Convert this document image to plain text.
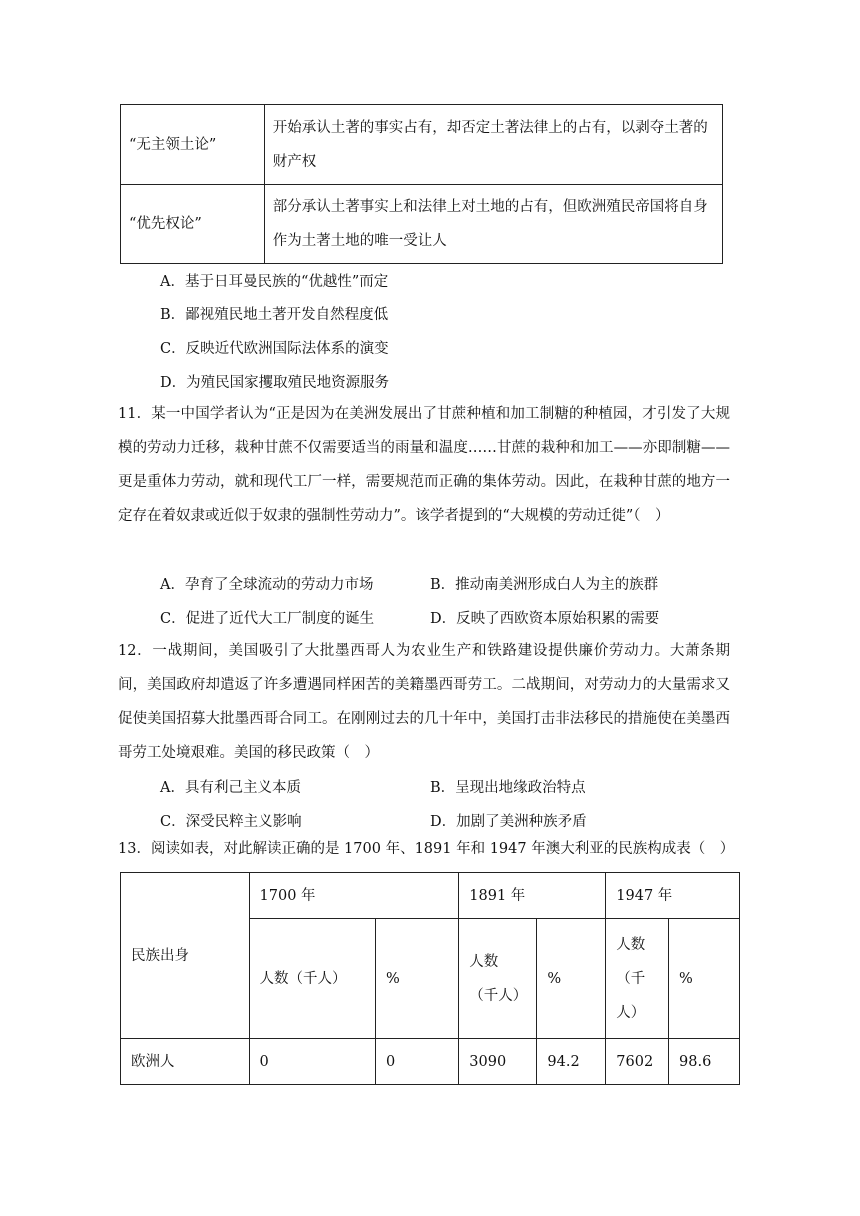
“无主领土论”	开始承认土著的事实占有，却否定土著法律上的占有，以剥夺土著的财产权
“优先权论”	部分承认土著事实上和法律上对土地的占有，但欧洲殖民帝国将自身作为土著土地的唯一受让人
A．基于日耳曼民族的“优越性”而定
B．鄙视殖民地土著开发自然程度低
C．反映近代欧洲国际法体系的演变
D．为殖民国家攫取殖民地资源服务
11．某一中国学者认为“正是因为在美洲发展出了甘蔗种植和加工制糖的种植园，才引发了大规模的劳动力迁移，栽种甘蔗不仅需要适当的雨量和温度……甘蔗的栽种和加工——亦即制糖——更是重体力劳动，就和现代工厂一样，需要规范而正确的集体劳动。因此，在栽种甘蔗的地方一定存在着奴隶或近似于奴隶的强制性劳动力”。该学者提到的“大规模的劳动迁徙”（　）
A．孕育了全球流动的劳动力市场	B．推动南美洲形成白人为主的族群
C．促进了近代大工厂制度的诞生	D．反映了西欧资本原始积累的需要
12．一战期间，美国吸引了大批墨西哥人为农业生产和铁路建设提供廉价劳动力。大萧条期间，美国政府却遣返了许多遭遇同样困苦的美籍墨西哥劳工。二战期间，对劳动力的大量需求又促使美国招募大批墨西哥合同工。在刚刚过去的几十年中，美国打击非法移民的措施使在美墨西哥劳工处境艰难。美国的移民政策（　）
A．具有利己主义本质	B．呈现出地缘政治特点
C．深受民粹主义影响	D．加剧了美洲种族矛盾
13．阅读如表，对此解读正确的是 1700 年、1891 年和 1947 年澳大利亚的民族构成表（　）
民族出身	1700 年		1891 年		1947 年	
	人数（千人）	%	人数（千人）	%	人数（千人）	%
欧洲人	0	0	3090	94.2	7602	98.6
